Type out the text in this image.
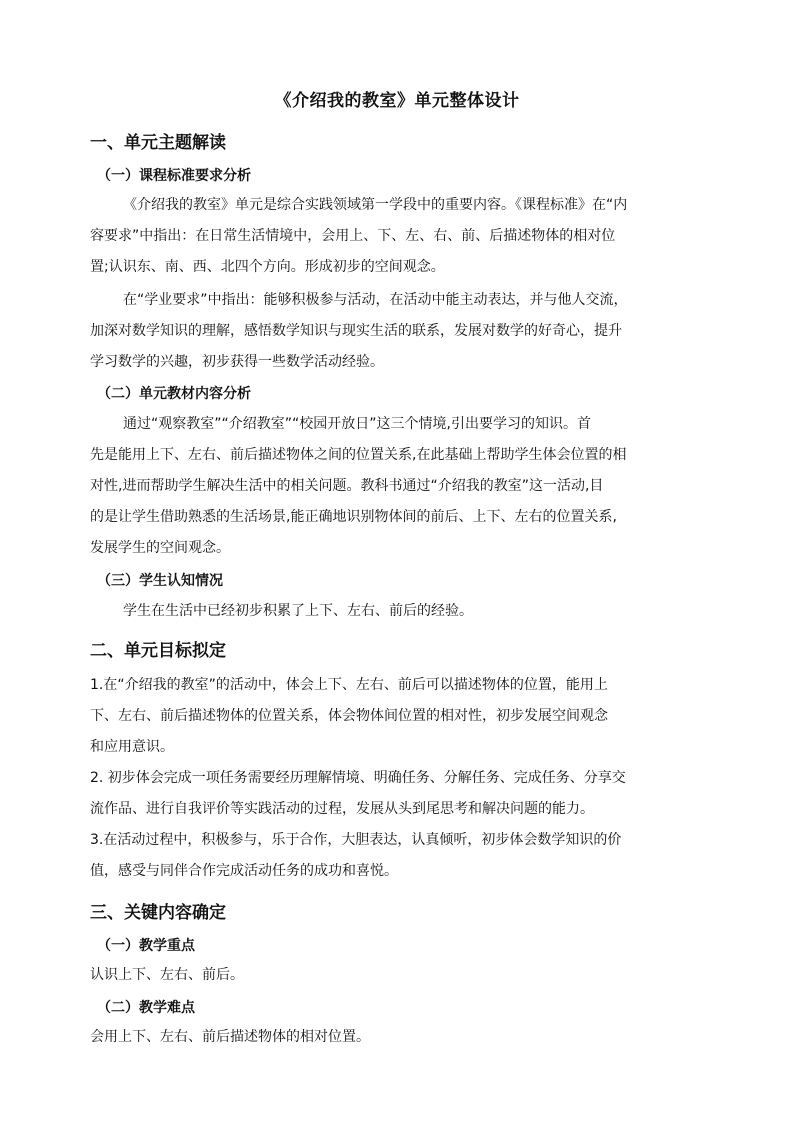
《介绍我的教室》单元整体设计
一、单元主题解读
（一）课程标准要求分析
《介绍我的教室》单元是综合实践领域第一学段中的重要内容。《课程标准》在“内
容要求”中指出：在日常生活情境中，会用上、下、左、右、前、后描述物体的相对位
置;认识东、南、西、北四个方向。形成初步的空间观念。
在“学业要求”中指出：能够积极参与活动，在活动中能主动表达，并与他人交流，
加深对数学知识的理解，感悟数学知识与现实生活的联系，发展对数学的好奇心，提升
学习数学的兴趣，初步获得一些数学活动经验。
（二）单元教材内容分析
通过“观察教室”“介绍教室”“校园开放日”这三个情境,引出要学习的知识。首
先是能用上下、左右、前后描述物体之间的位置关系,在此基础上帮助学生体会位置的相
对性,进而帮助学生解决生活中的相关问题。教科书通过“介绍我的教室”这一活动,目
的是让学生借助熟悉的生活场景,能正确地识别物体间的前后、上下、左右的位置关系,
发展学生的空间观念。
（三）学生认知情况
学生在生活中已经初步积累了上下、左右、前后的经验。
二、单元目标拟定
1.在“介绍我的教室”的活动中，体会上下、左右、前后可以描述物体的位置，能用上
下、左右、前后描述物体的位置关系，体会物体间位置的相对性，初步发展空间观念
和应用意识。
2. 初步体会完成一项任务需要经历理解情境、明确任务、分解任务、完成任务、分享交
流作品、进行自我评价等实践活动的过程，发展从头到尾思考和解决问题的能力。
3.在活动过程中，积极参与，乐于合作，大胆表达，认真倾听，初步体会数学知识的价
值，感受与同伴合作完成活动任务的成功和喜悦。
三、关键内容确定
（一）教学重点
认识上下、左右、前后。
（二）教学难点
会用上下、左右、前后描述物体的相对位置。
